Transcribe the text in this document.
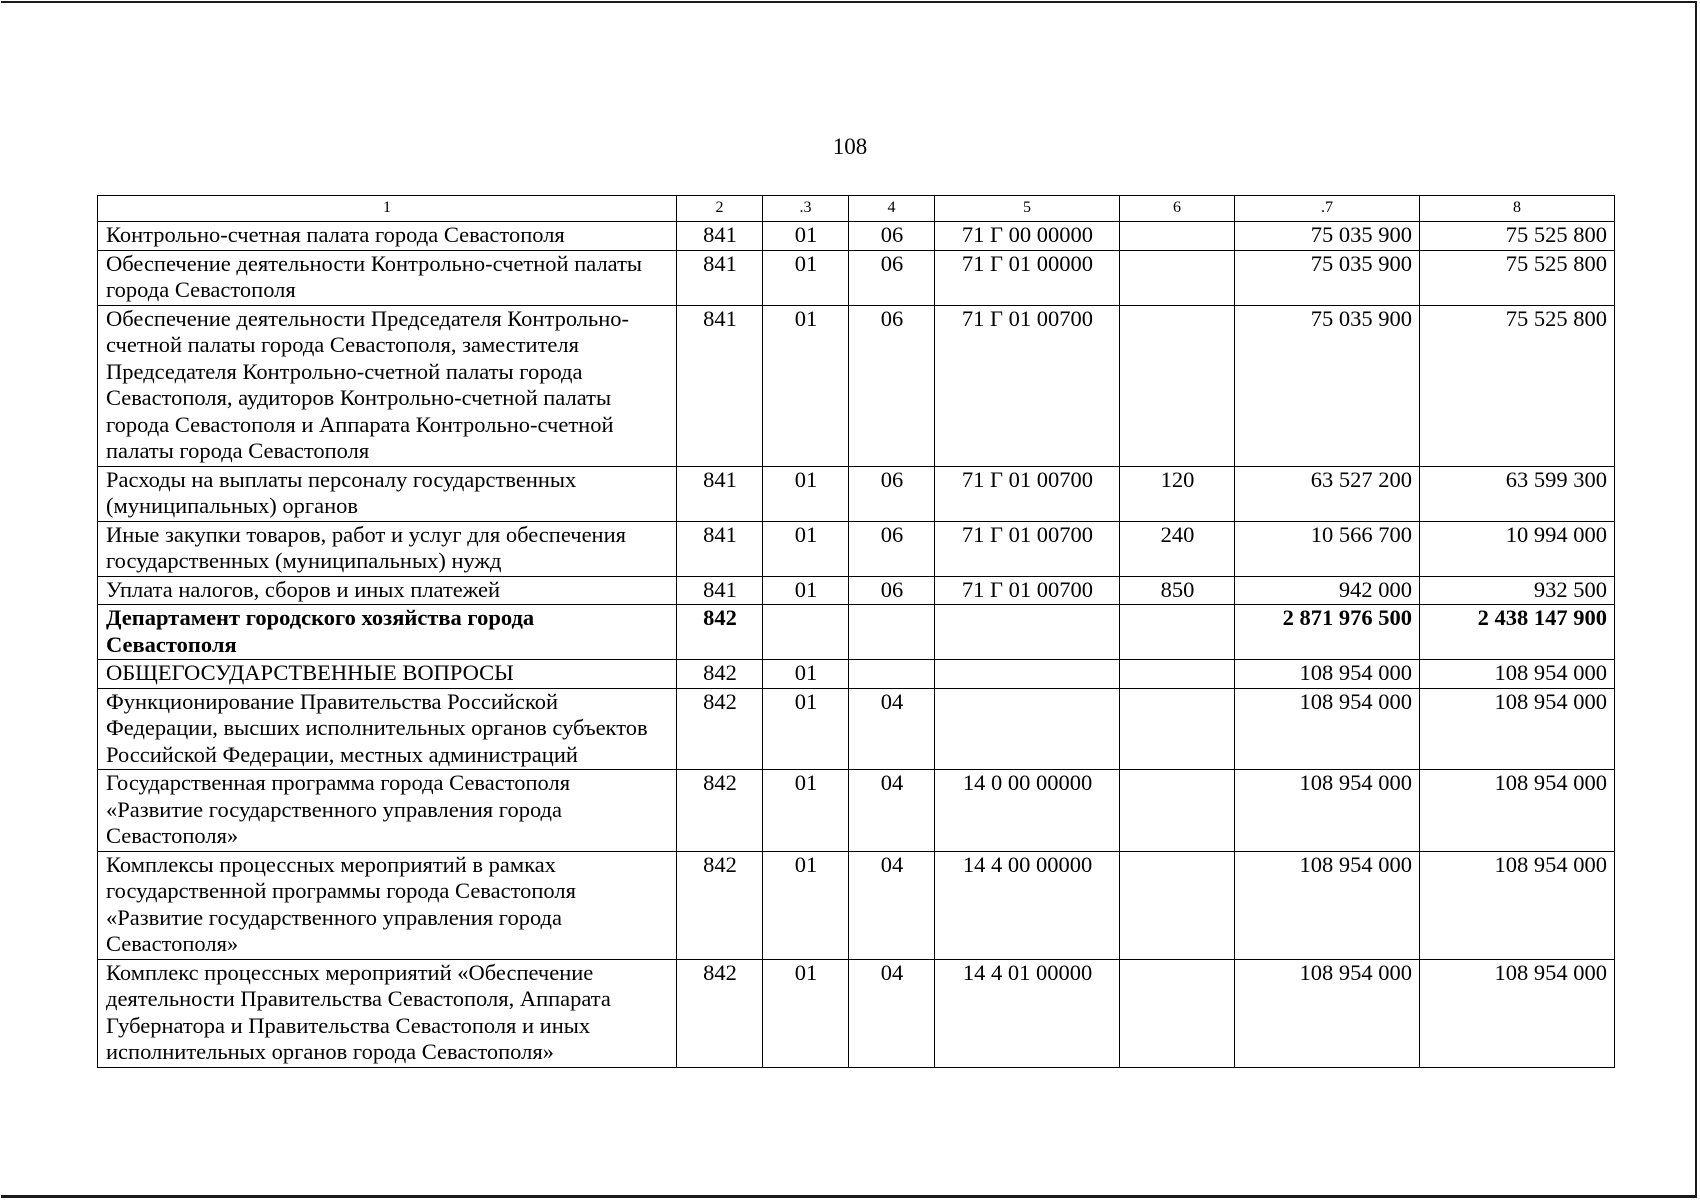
108
1	2	.3	4	5	6	.7	8
Контрольно-счетная палата города Севастополя	841	01	06	71 Г 00 00000		75 035 900	75 525 800
Обеспечение деятельности Контрольно-счетной палаты города Севастополя	841	01	06	71 Г 01 00000		75 035 900	75 525 800
Обеспечение деятельности Председателя Контрольно-счетной палаты города Севастополя, заместителя Председателя Контрольно-счетной палаты города Севастополя, аудиторов Контрольно-счетной палаты города Севастополя и Аппарата Контрольно-счетной палаты города Севастополя	841	01	06	71 Г 01 00700		75 035 900	75 525 800
Расходы на выплаты персоналу государственных (муниципальных) органов	841	01	06	71 Г 01 00700	120	63 527 200	63 599 300
Иные закупки товаров, работ и услуг для обеспечения государственных (муниципальных) нужд	841	01	06	71 Г 01 00700	240	10 566 700	10 994 000
Уплата налогов, сборов и иных платежей	841	01	06	71 Г 01 00700	850	942 000	932 500
Департамент городского хозяйства города Севастополя	842					2 871 976 500	2 438 147 900
ОБЩЕГОСУДАРСТВЕННЫЕ ВОПРОСЫ	842	01				108 954 000	108 954 000
Функционирование Правительства Российской Федерации, высших исполнительных органов субъектов Российской Федерации, местных администраций	842	01	04			108 954 000	108 954 000
Государственная программа города Севастополя «Развитие государственного управления города Севастополя»	842	01	04	14 0 00 00000		108 954 000	108 954 000
Комплексы процессных мероприятий в рамках государственной программы города Севастополя «Развитие государственного управления города Севастополя»	842	01	04	14 4 00 00000		108 954 000	108 954 000
Комплекс процессных мероприятий «Обеспечение деятельности Правительства Севастополя, Аппарата Губернатора и Правительства Севастополя и иных исполнительных органов города Севастополя»	842	01	04	14 4 01 00000		108 954 000	108 954 000
